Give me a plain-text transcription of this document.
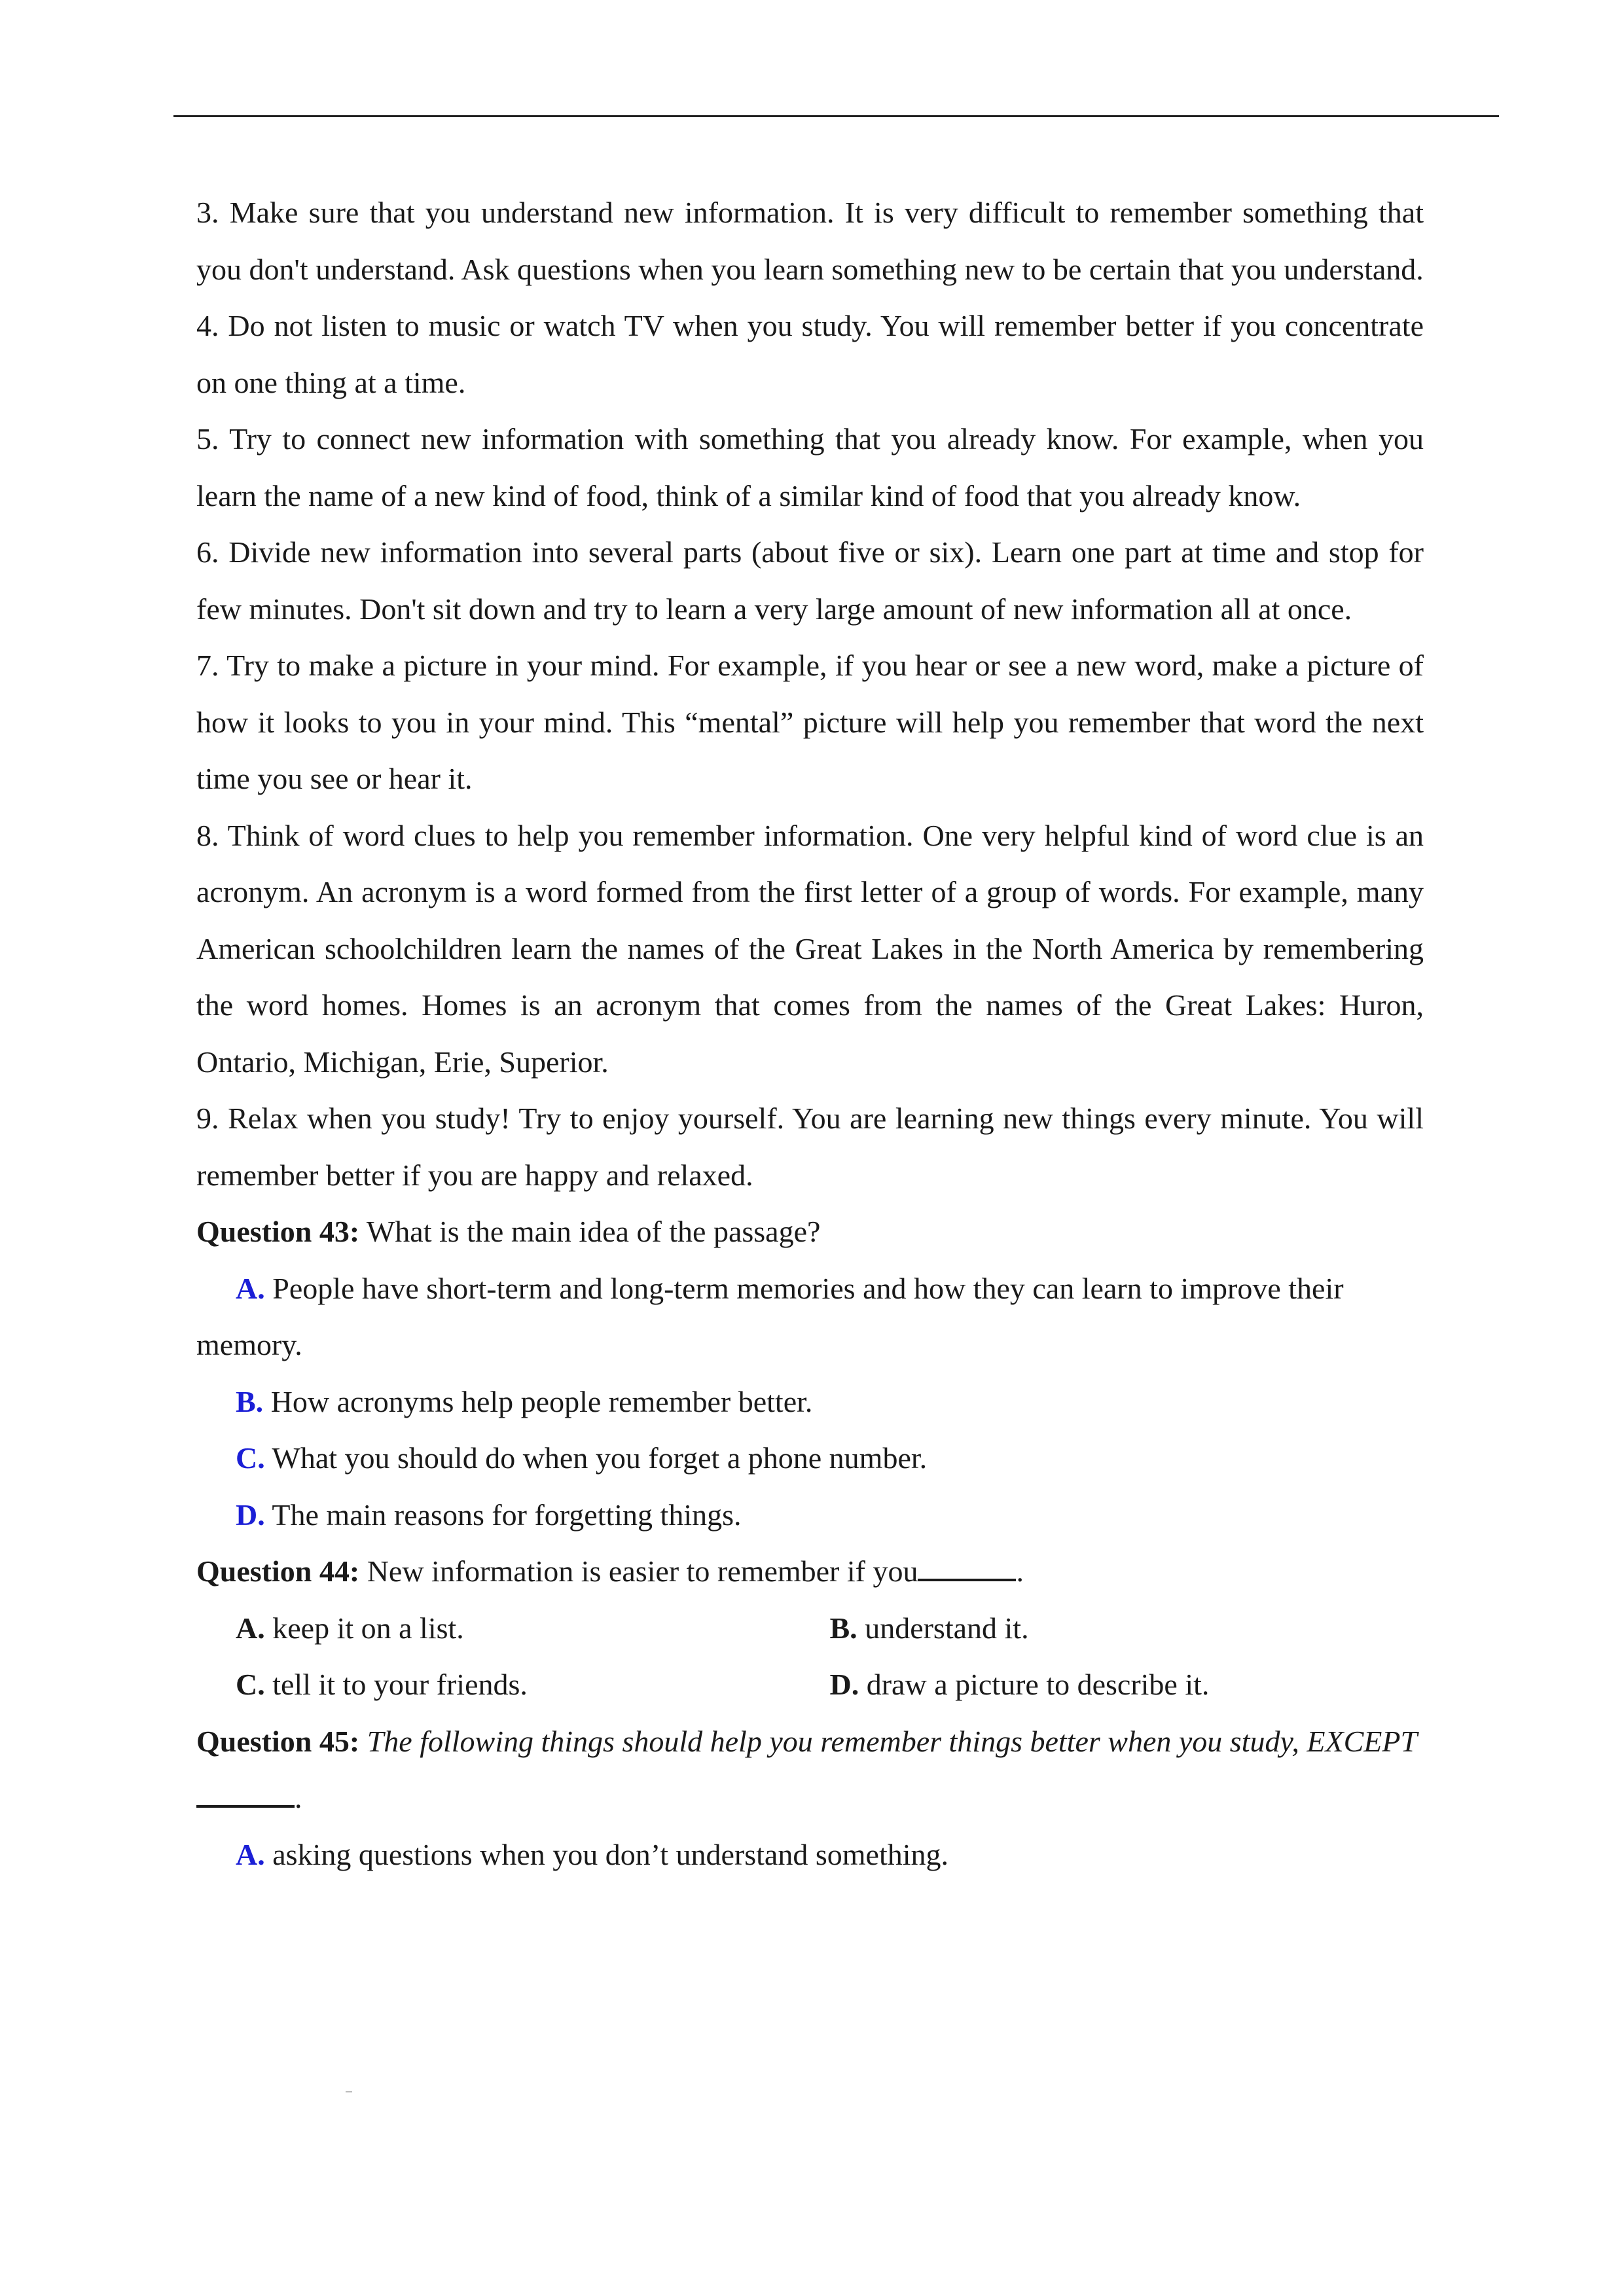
3. Make sure that you understand new information. It is very difficult to remember something that you don't understand. Ask questions when you learn something new to be certain that you understand.

4. Do not listen to music or watch TV when you study. You will remember better if you concentrate on one thing at a time.

5. Try to connect new information with something that you already know. For example, when you learn the name of a new kind of food, think of a similar kind of food that you already know.

6. Divide new information into several parts (about five or six). Learn one part at time and stop for few minutes. Don't sit down and try to learn a very large amount of new information all at once.

7. Try to make a picture in your mind. For example, if you hear or see a new word, make a picture of how it looks to you in your mind. This “mental” picture will help you remember that word the next time you see or hear it.

8. Think of word clues to help you remember information. One very helpful kind of word clue is an acronym. An acronym is a word formed from the first letter of a group of words. For example, many American schoolchildren learn the names of the Great Lakes in the North America by remembering the word homes. Homes is an acronym that comes from the names of the Great Lakes: Huron, Ontario, Michigan, Erie, Superior.

9. Relax when you study! Try to enjoy yourself. You are learning new things every minute. You will remember better if you are happy and relaxed.

Question 43: What is the main idea of the passage?

A. People have short-term and long-term memories and how they can learn to improve their memory.

B. How acronyms help people remember better.

C. What you should do when you forget a phone number.

D. The main reasons for forgetting things.

Question 44: New information is easier to remember if you	.

A. keep it on a list.	B. understand it.
C. tell it to your friends.	D. draw a picture to describe it.

Question 45: The following things should help you remember things better when you study, EXCEPT.

A. asking questions when you don’t understand something.
